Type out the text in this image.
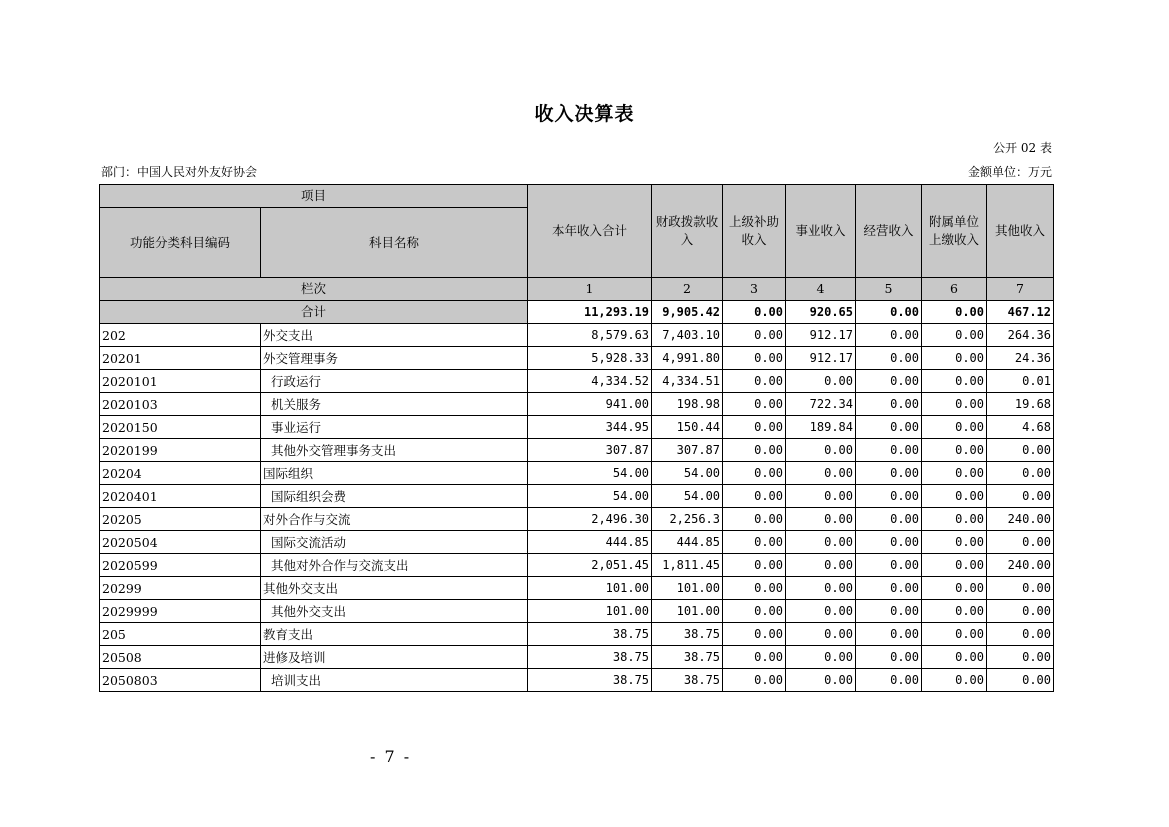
收入决算表
公开 02 表
部门：中国人民对外友好协会	金额单位：万元
项目		本年收入合计	财政拨款收入	上级补助收入	事业收入	经营收入	附属单位上缴收入	其他收入
功能分类科目编码	科目名称							
栏次		1	2	3	4	5	6	7
合计		11,293.19	9,905.42	0.00	920.65	0.00	0.00	467.12
202	外交支出	8,579.63	7,403.10	0.00	912.17	0.00	0.00	264.36
20201	外交管理事务	5,928.33	4,991.80	0.00	912.17	0.00	0.00	24.36
2020101	行政运行	4,334.52	4,334.51	0.00	0.00	0.00	0.00	0.01
2020103	机关服务	941.00	198.98	0.00	722.34	0.00	0.00	19.68
2020150	事业运行	344.95	150.44	0.00	189.84	0.00	0.00	4.68
2020199	其他外交管理事务支出	307.87	307.87	0.00	0.00	0.00	0.00	0.00
20204	国际组织	54.00	54.00	0.00	0.00	0.00	0.00	0.00
2020401	国际组织会费	54.00	54.00	0.00	0.00	0.00	0.00	0.00
20205	对外合作与交流	2,496.30	2,256.3	0.00	0.00	0.00	0.00	240.00
2020504	国际交流活动	444.85	444.85	0.00	0.00	0.00	0.00	0.00
2020599	其他对外合作与交流支出	2,051.45	1,811.45	0.00	0.00	0.00	0.00	240.00
20299	其他外交支出	101.00	101.00	0.00	0.00	0.00	0.00	0.00
2029999	其他外交支出	101.00	101.00	0.00	0.00	0.00	0.00	0.00
205	教育支出	38.75	38.75	0.00	0.00	0.00	0.00	0.00
20508	进修及培训	38.75	38.75	0.00	0.00	0.00	0.00	0.00
2050803	培训支出	38.75	38.75	0.00	0.00	0.00	0.00	0.00
- 7 -
